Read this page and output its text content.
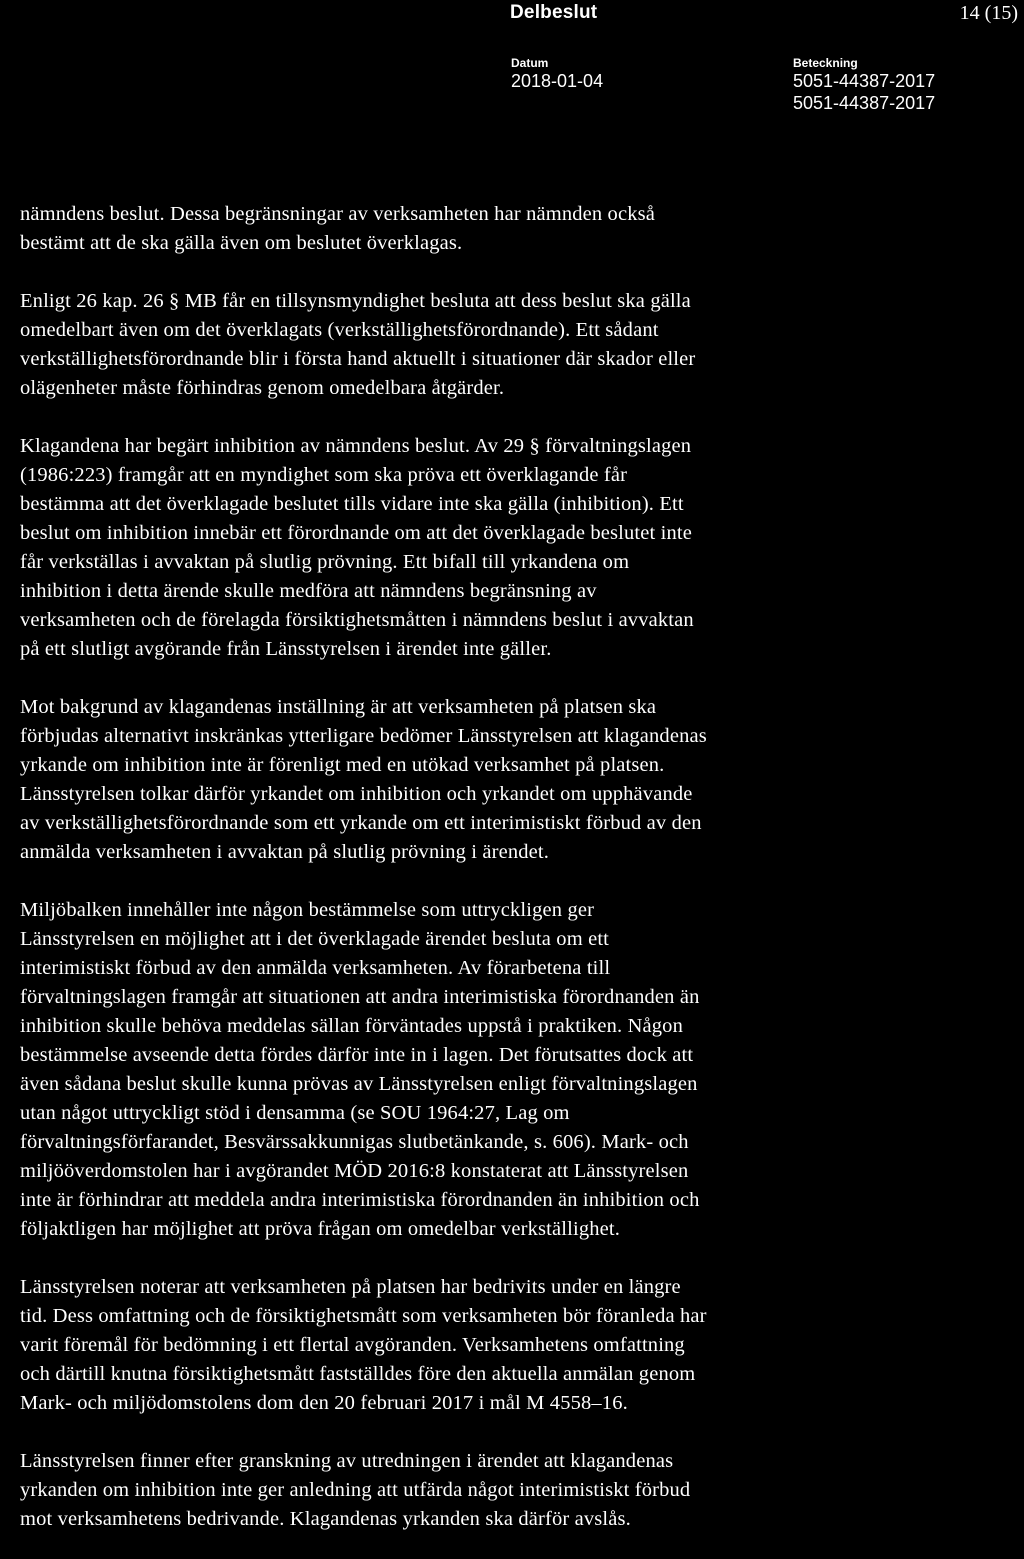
Delbeslut	14 (15)
Datum
2018-01-04
Beteckning
5051-44387-2017
5051-44387-2017

nämndens beslut. Dessa begränsningar av verksamheten har nämnden också
bestämt att de ska gälla även om beslutet överklagas.

Enligt 26 kap. 26 § MB får en tillsynsmyndighet besluta att dess beslut ska gälla
omedelbart även om det överklagats (verkställighetsförordnande). Ett sådant
verkställighetsförordnande blir i första hand aktuellt i situationer där skador eller
olägenheter måste förhindras genom omedelbara åtgärder.

Klagandena har begärt inhibition av nämndens beslut. Av 29 § förvaltningslagen
(1986:223) framgår att en myndighet som ska pröva ett överklagande får
bestämma att det överklagade beslutet tills vidare inte ska gälla (inhibition). Ett
beslut om inhibition innebär ett förordnande om att det överklagade beslutet inte
får verkställas i avvaktan på slutlig prövning. Ett bifall till yrkandena om
inhibition i detta ärende skulle medföra att nämndens begränsning av
verksamheten och de förelagda försiktighetsmåtten i nämndens beslut i avvaktan
på ett slutligt avgörande från Länsstyrelsen i ärendet inte gäller.

Mot bakgrund av klagandenas inställning är att verksamheten på platsen ska
förbjudas alternativt inskränkas ytterligare bedömer Länsstyrelsen att klagandenas
yrkande om inhibition inte är förenligt med en utökad verksamhet på platsen.
Länsstyrelsen tolkar därför yrkandet om inhibition och yrkandet om upphävande
av verkställighetsförordnande som ett yrkande om ett interimistiskt förbud av den
anmälda verksamheten i avvaktan på slutlig prövning i ärendet.

Miljöbalken innehåller inte någon bestämmelse som uttryckligen ger
Länsstyrelsen en möjlighet att i det överklagade ärendet besluta om ett
interimistiskt förbud av den anmälda verksamheten. Av förarbetena till
förvaltningslagen framgår att situationen att andra interimistiska förordnanden än
inhibition skulle behöva meddelas sällan förväntades uppstå i praktiken. Någon
bestämmelse avseende detta fördes därför inte in i lagen. Det förutsattes dock att
även sådana beslut skulle kunna prövas av Länsstyrelsen enligt förvaltningslagen
utan något uttryckligt stöd i densamma (se SOU 1964:27, Lag om
förvaltningsförfarandet, Besvärssakkunnigas slutbetänkande, s. 606). Mark- och
miljööverdomstolen har i avgörandet MÖD 2016:8 konstaterat att Länsstyrelsen
inte är förhindrar att meddela andra interimistiska förordnanden än inhibition och
följaktligen har möjlighet att pröva frågan om omedelbar verkställighet.

Länsstyrelsen noterar att verksamheten på platsen har bedrivits under en längre
tid. Dess omfattning och de försiktighetsmått som verksamheten bör föranleda har
varit föremål för bedömning i ett flertal avgöranden. Verksamhetens omfattning
och därtill knutna försiktighetsmått fastställdes före den aktuella anmälan genom
Mark- och miljödomstolens dom den 20 februari 2017 i mål M 4558–16.

Länsstyrelsen finner efter granskning av utredningen i ärendet att klagandenas
yrkanden om inhibition inte ger anledning att utfärda något interimistiskt förbud
mot verksamhetens bedrivande. Klagandenas yrkanden ska därför avslås.
